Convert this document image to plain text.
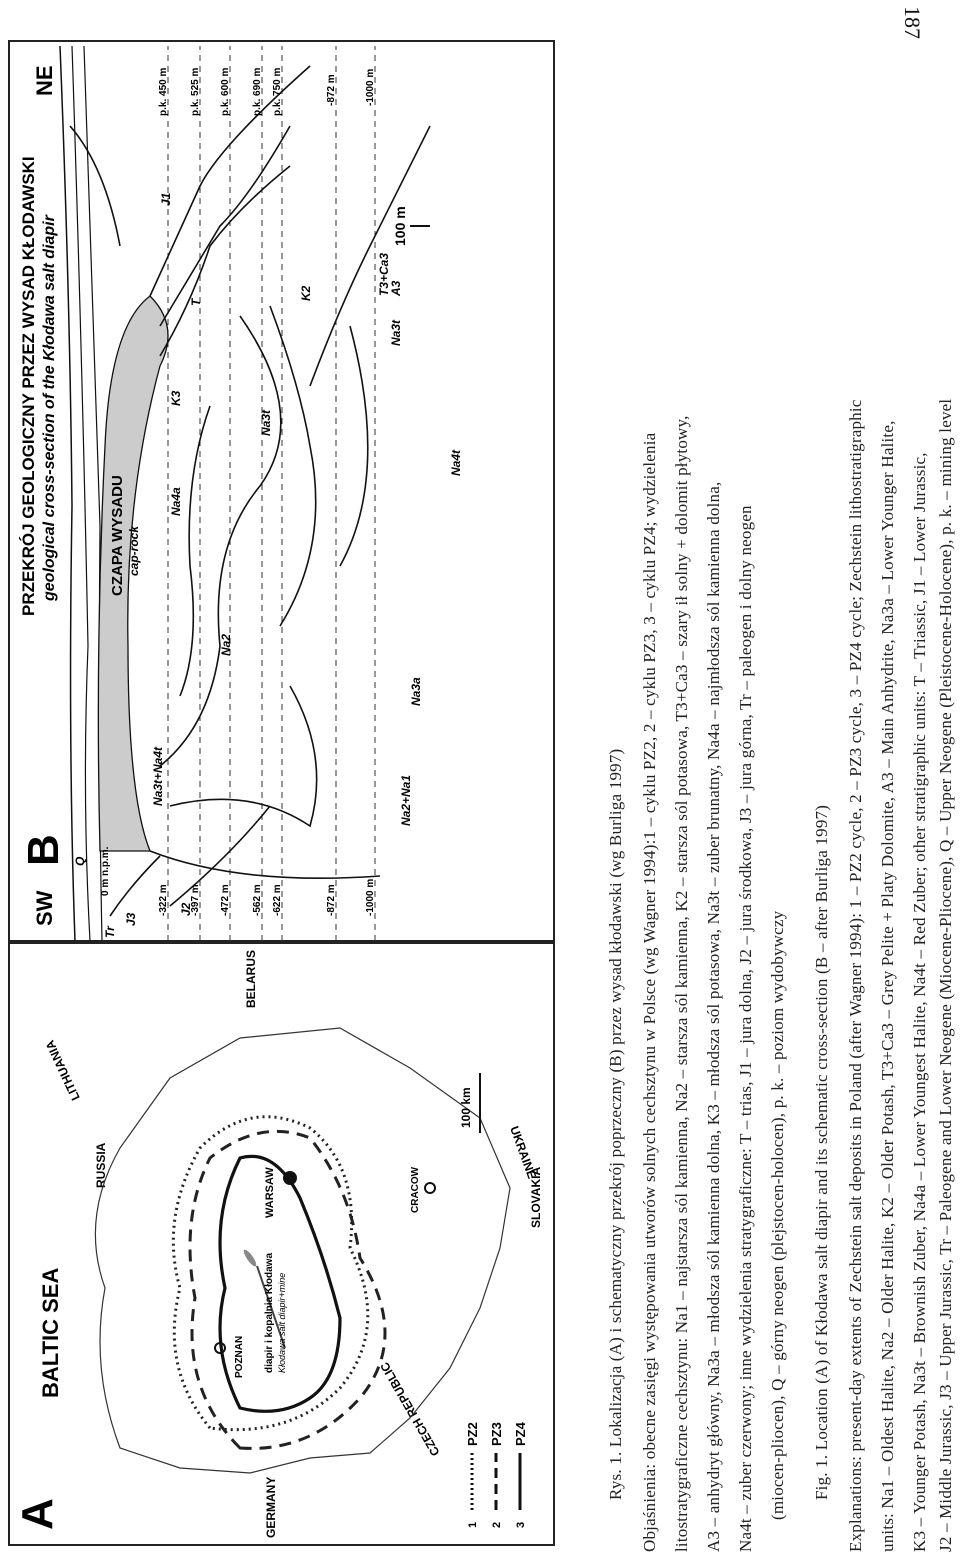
187
A
BALTIC SEA
RUSSIA
LITHUANIA
BELARUS
UKRAINE
SLOVAKIA
CZECH REPUBLIC
GERMANY
POZNAN
WARSAW	CRACOW
diapir i kopalnia Kłodawa Kłodawa salt diapir+mine
100 km
1
PZ2
2
PZ3
3
PZ4
SW
B
PRZEKRÓJ GEOLOGICZNY PRZEZ WYSAD KŁODAWSKI geological cross-section of the Kłodawa salt diapir
NE
CZAPA WYSADU cap-rock
0 m n.p.m.
-322 m -397 m -472 m -562 m -622 m	-872 m	-1000 m
p.k. 450 m p.k. 525 m p.k. 600 m p.k. 690 m p.k. 750 m	-872 m	-1000 m
Tr
J3
J2
J1
Q
T
K2
K3
Na2
Na3a
Na3t
Na4a
Na4t
Na2+Na1
Na3t+Na4t
T3+Ca3
A3
Na3t
100 m
Rys. 1. Lokalizacja (A) i schematyczny przekrój poprzeczny (B) przez wysad kłodawski (wg Burliga 1997) Objaśnienia: obecne zasięgi występowania utworów solnych cechsztynu w Polsce (wg Wagner 1994):1 – cyklu PZ2, 2 – cyklu PZ3, 3 – cyklu PZ4; wydzielenia litostratygraficzne cechsztynu: Na1 – najstarsza sól kamienna, Na2 – starsza sól kamienna, K2 – starsza sól potasowa, T3+Ca3 – szary ił solny + dolomit płytowy, A3 – anhydryt główny, Na3a – młodsza sól kamienna dolna, K3 – młodsza sól potasowa, Na3t – zuber brunatny, Na4a – najmłodsza sól kamienna dolna, Na4t – zuber czerwony; inne wydzielenia stratygraficzne: T – trias, J1 – jura dolna, J2 – jura środkowa, J3 – jura górna, Tr – paleogen i dolny neogen (miocen-pliocen), Q – górny neogen (plejstocen-holocen), p. k. – poziom wydobywczy Fig. 1. Location (A) of Kłodawa salt diapir and its schematic cross-section (B – after Burliga 1997) Explanations: present-day extents of Zechstein salt deposits in Poland (after Wagner 1994): 1 – PZ2 cycle, 2 – PZ3 cycle, 3 – PZ4 cycle; Zechstein lithostratigraphic units: Na1 – Oldest Halite, Na2 – Older Halite, K2 – Older Potash, T3+Ca3 – Grey Pelite + Platy Dolomite, A3 – Main Anhydrite, Na3a – Lower Younger Halite, K3 – Younger Potash, Na3t – Brownish Zuber, Na4a – Lower Youngest Halite, Na4t – Red Zuber; other stratigraphic units: T – Triassic, J1 – Lower Jurassic, J2 – Middle Jurassic, J3 – Upper Jurassic, Tr – Paleogene and Lower Neogene (Miocene-Pliocene), Q – Upper Neogene (Pleistocene-Holocene), p. k. – mining level
